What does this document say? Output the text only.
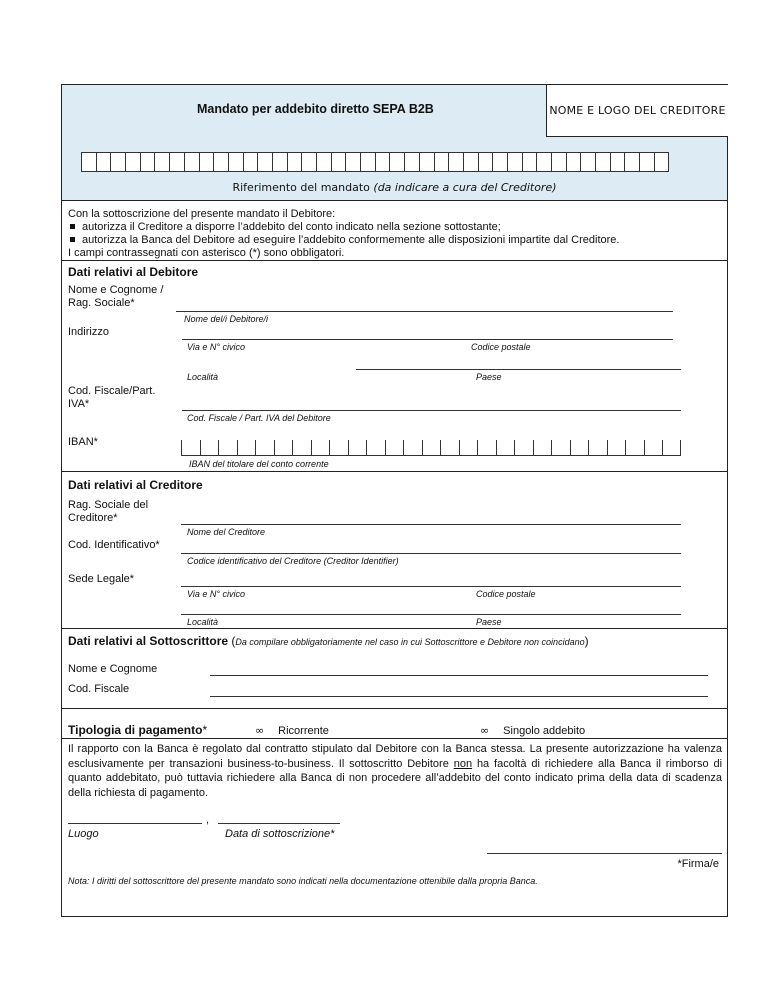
Mandato per addebito diretto SEPA B2B	NOME E LOGO DEL CREDITORE
Riferimento del mandato (da indicare a cura del Creditore)
Con la sottoscrizione del presente mandato il Debitore:
autorizza il Creditore a disporre l’addebito del conto indicato nella sezione sottostante;
autorizza la Banca del Debitore ad eseguire l’addebito conformemente alle disposizioni impartite dal Creditore.
I campi contrassegnati con asterisco (*) sono obbligatori.
Dati relativi al Debitore
Nome e Cognome /
Rag. Sociale*
Nome del/i Debitore/i
Indirizzo
Via e N° civico	Codice postale
Località	Paese
Cod. Fiscale/Part.
IVA*
Cod. Fiscale / Part. IVA del Debitore
IBAN*
IBAN del titolare del conto corrente
Dati relativi al Creditore
Rag. Sociale del
Creditore*
Nome del Creditore
Cod. Identificativo*
Codice identificativo del Creditore (Creditor Identifier)
Sede Legale*
Via e N° civico	Codice postale
Località	Paese
Dati relativi al Sottoscrittore (Da compilare obbligatoriamente nel caso in cui Sottoscrittore e Debitore non coincidano)
Nome e Cognome
Cod. Fiscale
Tipologia di pagamento*	∞ Ricorrente	∞ Singolo addebito
Il rapporto con la Banca è regolato dal contratto stipulato dal Debitore con la Banca stessa. La presente autorizzazione ha valenza esclusivamente per transazioni business-to-business. Il sottoscritto Debitore non ha facoltà di richiedere alla Banca il rimborso di quanto addebitato, può tuttavia richiedere alla Banca di non procedere all’addebito del conto indicato prima della data di scadenza della richiesta di pagamento.
,
Luogo	Data di sottoscrizione*
*Firma/e
Nota: I diritti del sottoscrittore del presente mandato sono indicati nella documentazione ottenibile dalla propria Banca.
